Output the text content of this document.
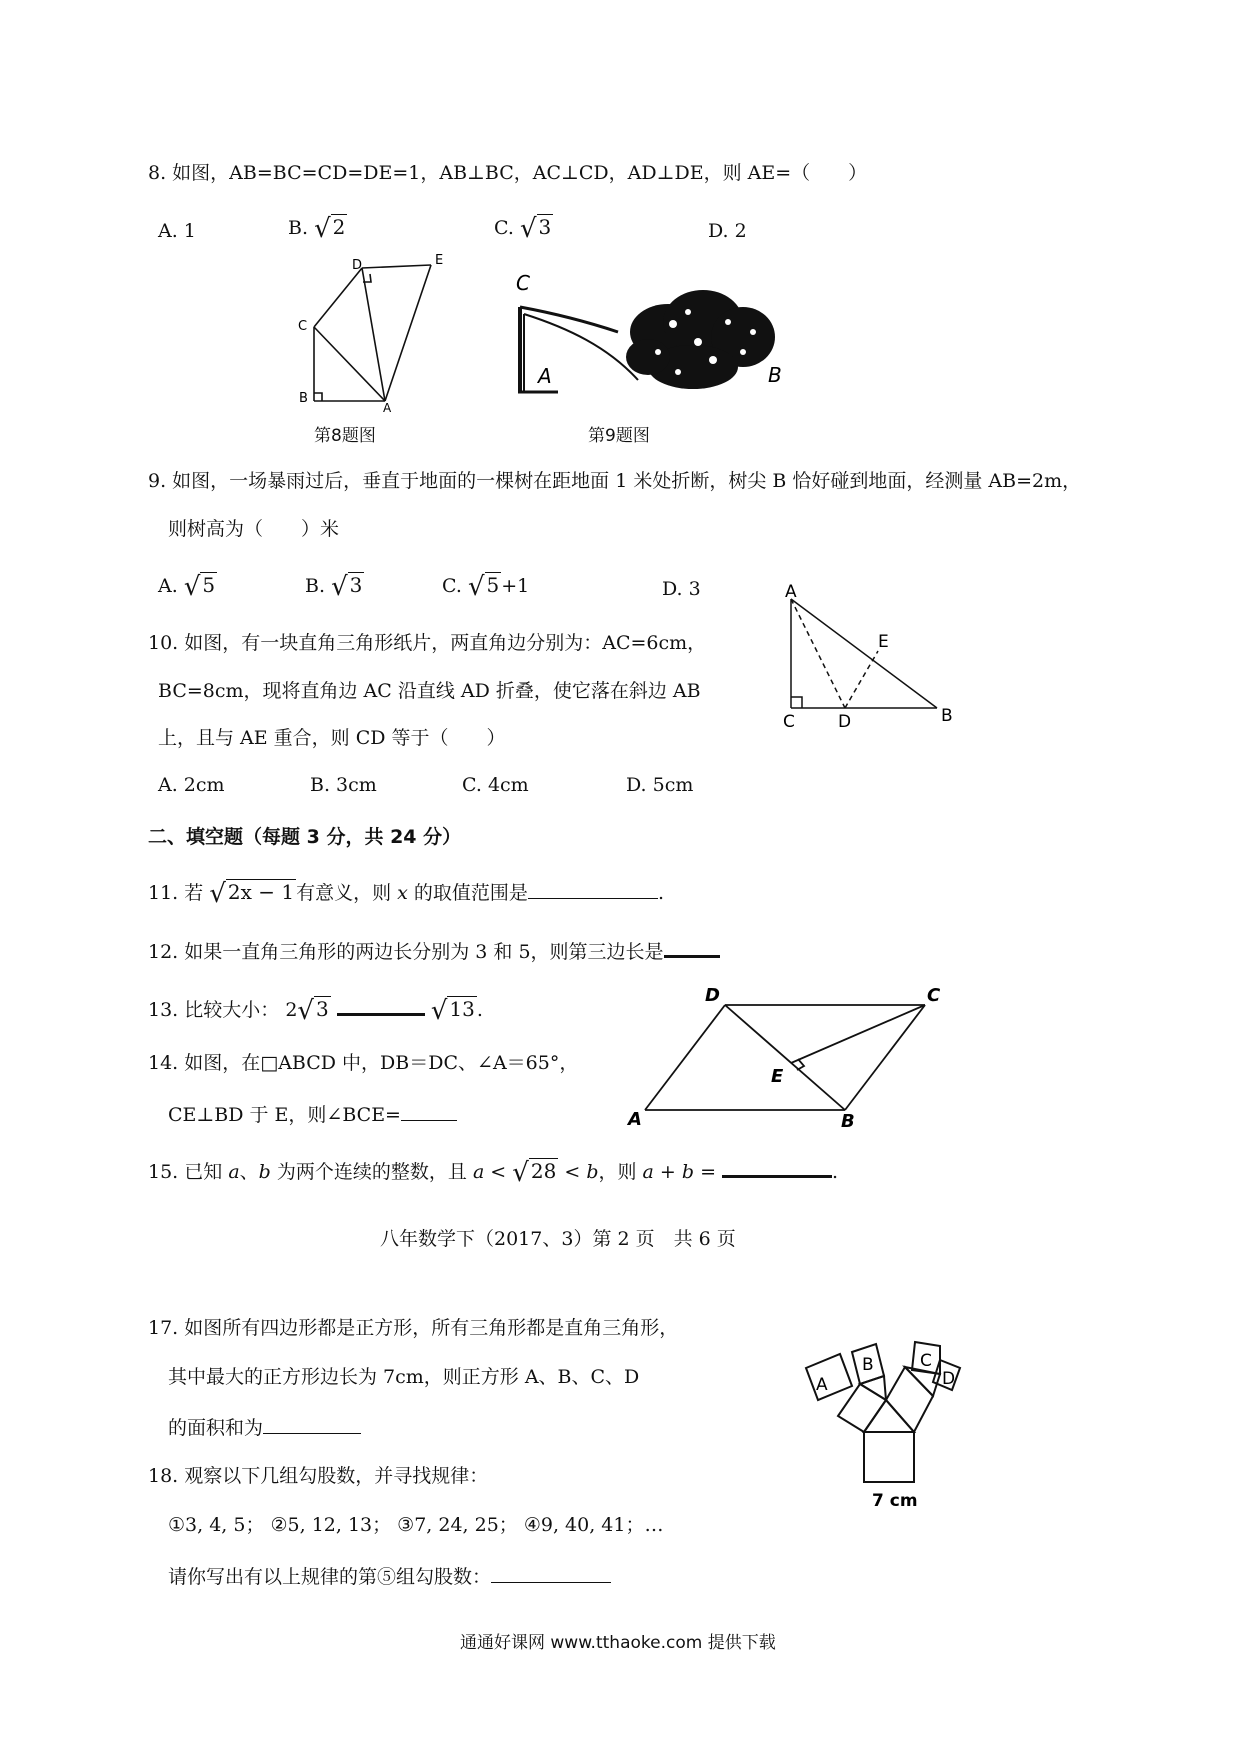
8. 如图，AB=BC=CD=DE=1，AB⊥BC，AC⊥CD，AD⊥DE，则 AE=（　　）
A. 1	B. √ 2	C. √ 3	D. 2
B
C
D	E
A
第8题图
C
A	B
第9题图
9. 如图，一场暴雨过后，垂直于地面的一棵树在距地面 1 米处折断，树尖 B 恰好碰到地面，经测量 AB=2m，
则树高为（　　）米
A. √ 5	B. √ 3	C. √ 5 +1	D. 3
10. 如图，有一块直角三角形纸片，两直角边分别为：AC=6cm，
BC=8cm，现将直角边 AC 沿直线 AD 折叠，使它落在斜边 AB
上，且与 AE 重合，则 CD 等于（　　）
A
E
C	D	B
A. 2cm	B. 3cm	C. 4cm	D. 5cm
二、填空题（每题 3 分，共 24 分）
11. 若 √ 2x − 1 有意义，则 x 的取值范围是	.
12. 如果一直角三角形的两边长分别为 3 和 5，则第三边长是
13. 比较大小： 2√ 3	√ 13 .
14. 如图，在□ABCD 中，DB＝DC、∠A＝65°，
CE⊥BD 于 E，则∠BCE=
D	C
E
A	B
15. 已知 a、b 为两个连续的整数，且 a < √ 28 < b，则 a + b =	.
八年数学下（2017、3）第 2 页　共 6 页
17. 如图所有四边形都是正方形，所有三角形都是直角三角形，
其中最大的正方形边长为 7cm，则正方形 A、B、C、D
的面积和为
A
B	C
D
7 cm
18. 观察以下几组勾股数，并寻找规律：
①3, 4, 5； ②5, 12, 13； ③7, 24, 25； ④9, 40, 41；…
请你写出有以上规律的第⑤组勾股数：
通通好课网 www.tthaoke.com 提供下载
